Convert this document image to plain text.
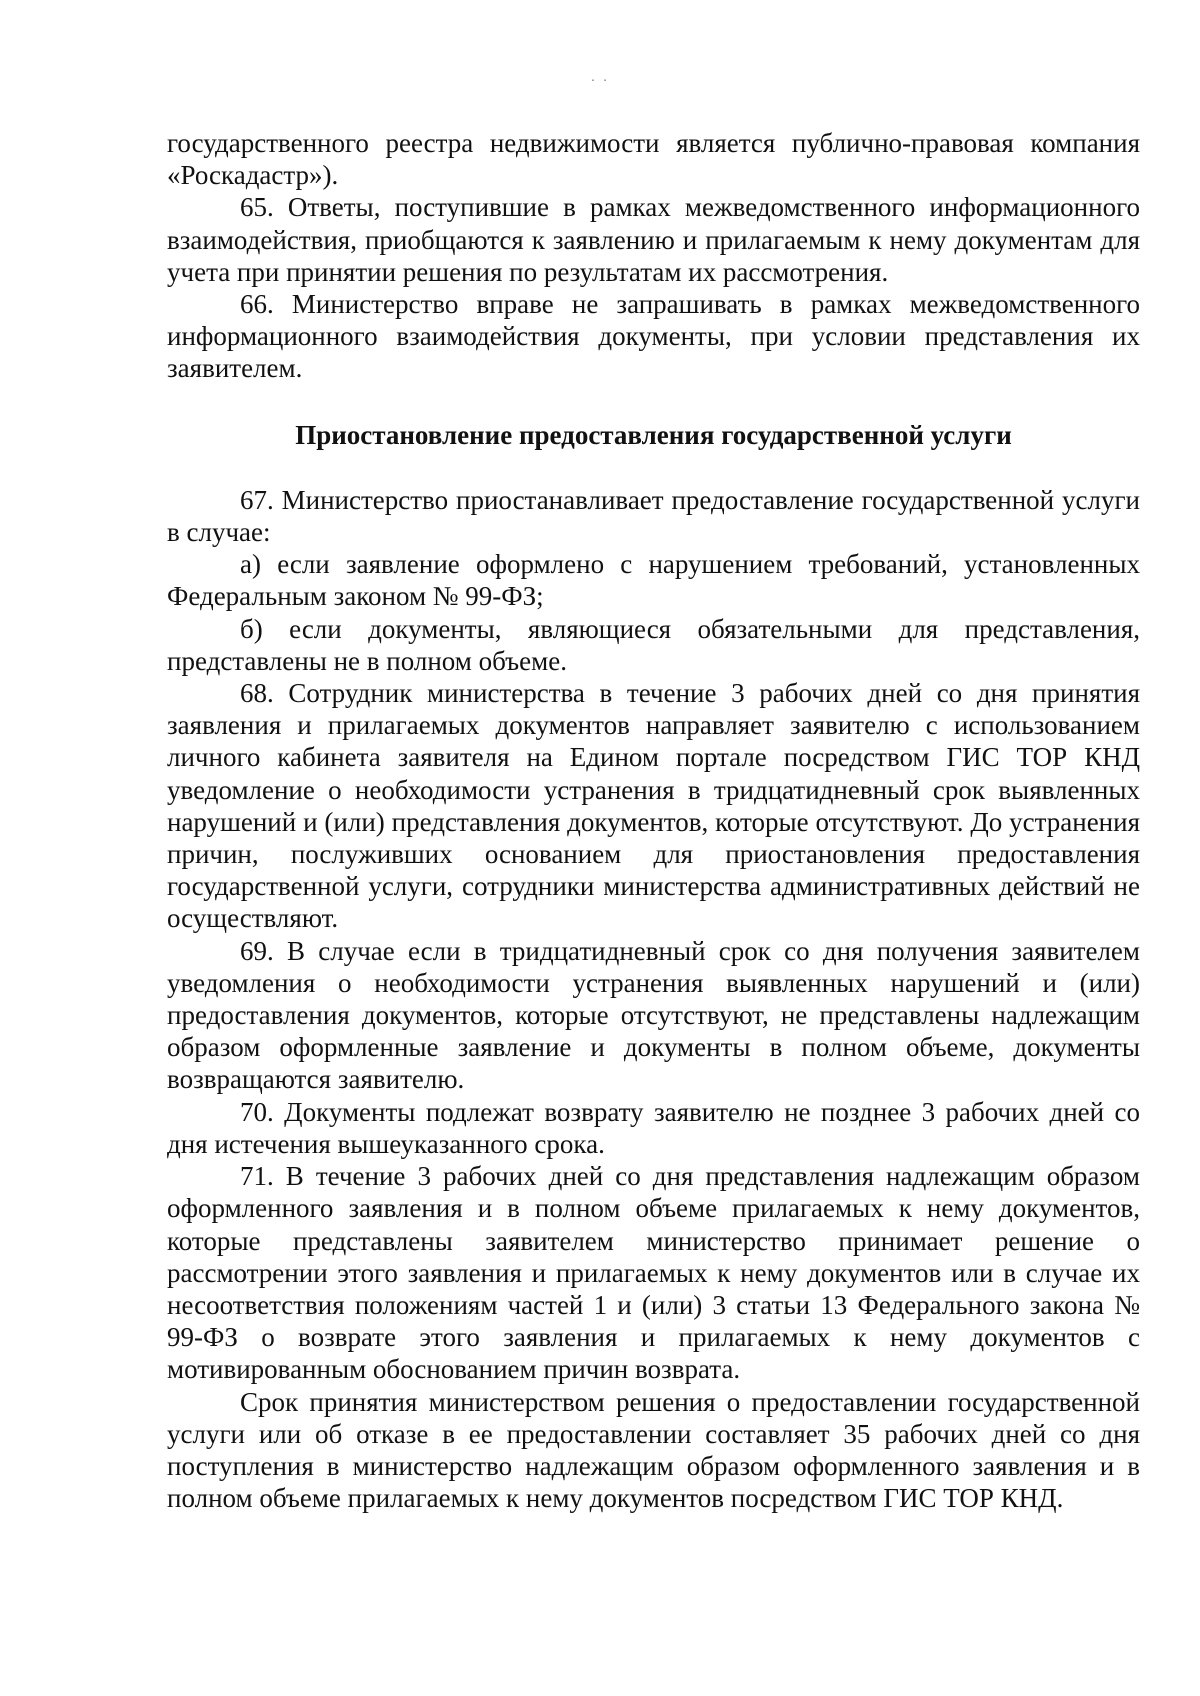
· ·

государственного реестра недвижимости является публично-правовая компания «Роскадастр»).

65. Ответы, поступившие в рамках межведомственного информационного взаимодействия, приобщаются к заявлению и прилагаемым к нему документам для учета при принятии решения по результатам их рассмотрения.

66. Министерство вправе не запрашивать в рамках межведомственного информационного взаимодействия документы, при условии представления их заявителем.

Приостановление предоставления государственной услуги

67. Министерство приостанавливает предоставление государственной услуги в случае:

а) если заявление оформлено с нарушением требований, установленных Федеральным законом № 99-ФЗ;

б) если документы, являющиеся обязательными для представления, представлены не в полном объеме.

68. Сотрудник министерства в течение 3 рабочих дней со дня принятия заявления и прилагаемых документов направляет заявителю с использованием личного кабинета заявителя на Едином портале посредством ГИС ТОР КНД уведомление о необходимости устранения в тридцатидневный срок выявленных нарушений и (или) представления документов, которые отсутствуют. До устранения причин, послуживших основанием для приостановления предоставления государственной услуги, сотрудники министерства административных действий не осуществляют.

69. В случае если в тридцатидневный срок со дня получения заявителем уведомления о необходимости устранения выявленных нарушений и (или) предоставления документов, которые отсутствуют, не представлены надлежащим образом оформленные заявление и документы в полном объеме, документы возвращаются заявителю.

70. Документы подлежат возврату заявителю не позднее 3 рабочих дней со дня истечения вышеуказанного срока.

71. В течение 3 рабочих дней со дня представления надлежащим образом оформленного заявления и в полном объеме прилагаемых к нему документов, которые представлены заявителем министерство принимает решение о рассмотрении этого заявления и прилагаемых к нему документов или в случае их несоответствия положениям частей 1 и (или) 3 статьи 13 Федерального закона № 99-ФЗ о возврате этого заявления и прилагаемых к нему документов с мотивированным обоснованием причин возврата.

Срок принятия министерством решения о предоставлении государственной услуги или об отказе в ее предоставлении составляет 35 рабочих дней со дня поступления в министерство надлежащим образом оформленного заявления и в полном объеме прилагаемых к нему документов посредством ГИС ТОР КНД.
